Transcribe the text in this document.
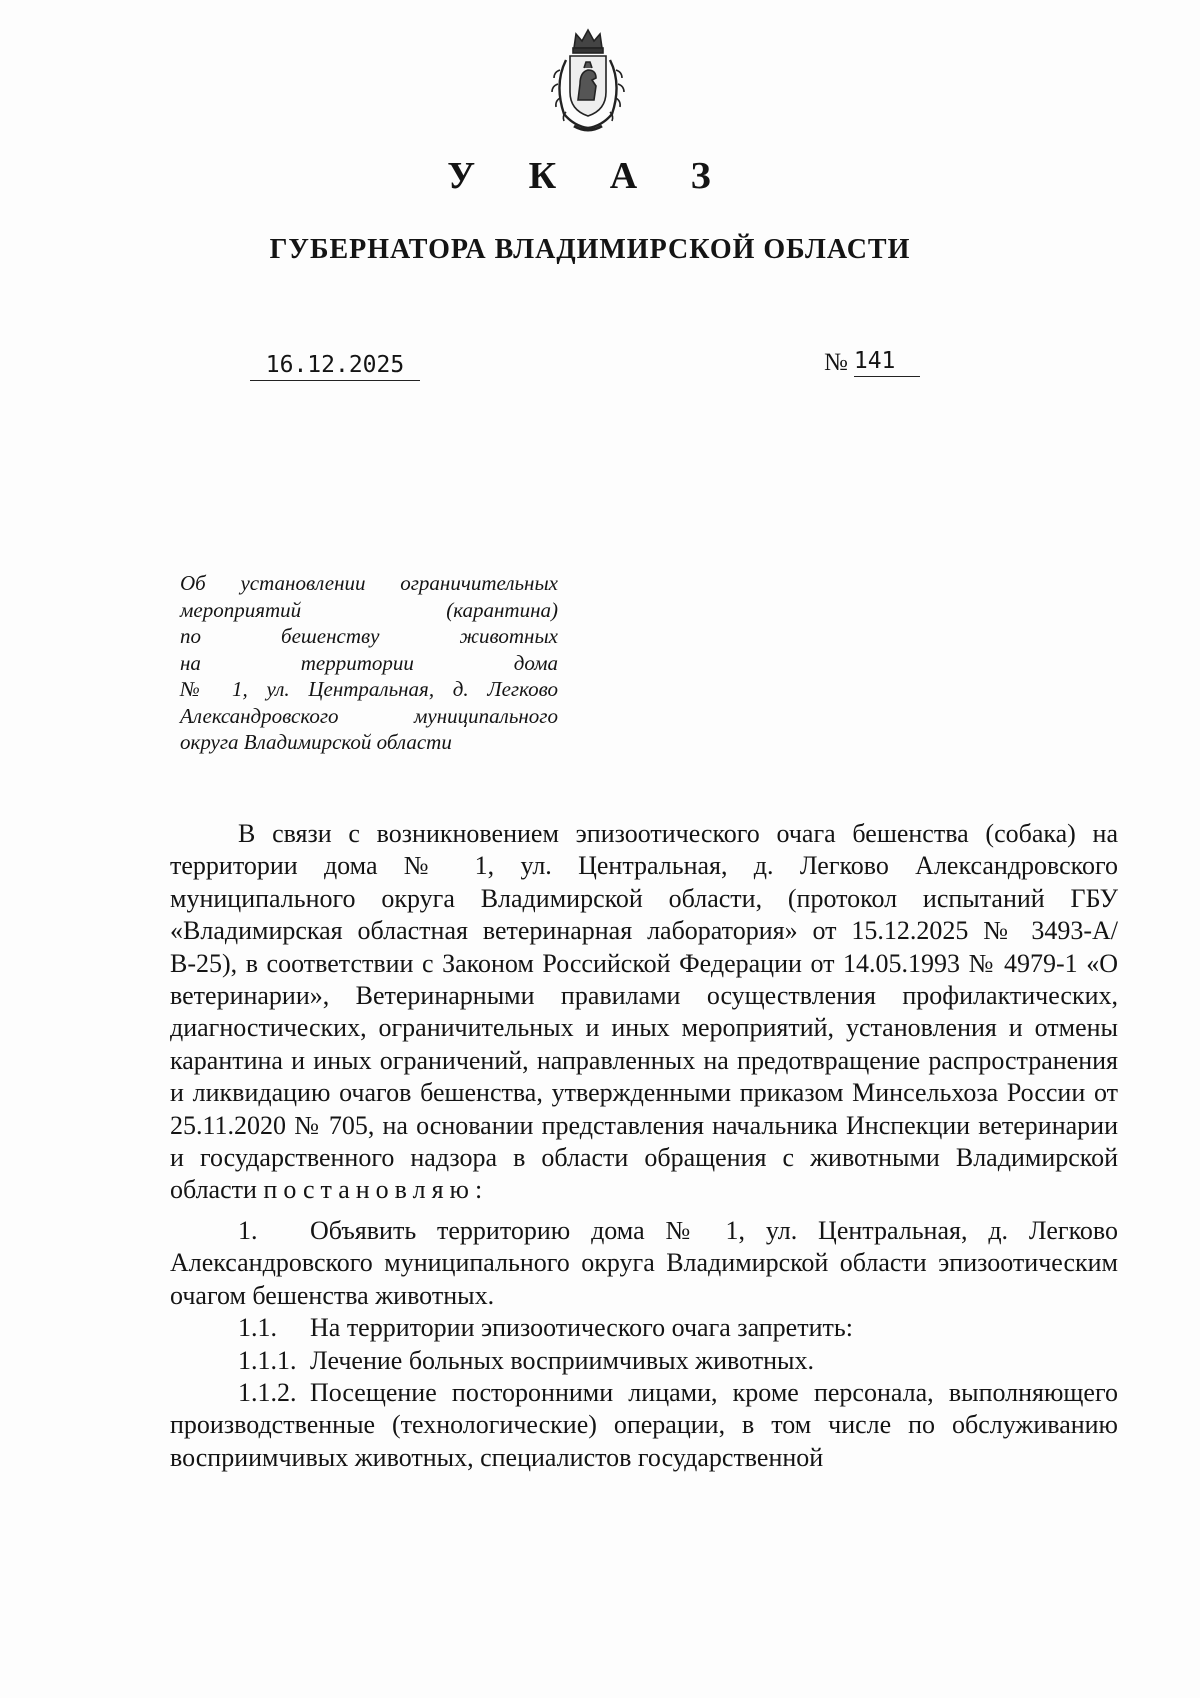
У К А З
ГУБЕРНАТОРА ВЛАДИМИРСКОЙ ОБЛАСТИ
16.12.2025	№ 141
Об установлении ограничительных
мероприятий (карантина)
по бешенству животных
на территории дома
№ 1, ул. Центральная, д. Легково
Александровского муниципального
округа Владимирской области

В связи с возникновением эпизоотического очага бешенства (собака) на территории дома № 1, ул. Центральная, д. Легково Александровского муниципального округа Владимирской области, (протокол испытаний ГБУ «Владимирская областная ветеринарная лаборатория» от 15.12.2025 № 3493-А/В-25), в соответствии с Законом Российской Федерации от 14.05.1993 № 4979-1 «О ветеринарии», Ветеринарными правилами осуществления профилактических, диагностических, ограничительных и иных мероприятий, установления и отмены карантина и иных ограничений, направленных на предотвращение распространения и ликвидацию очагов бешенства, утвержденными приказом Минсельхоза России от 25.11.2020 № 705, на основании представления начальника Инспекции ветеринарии и государственного надзора в области обращения с животными Владимирской области постановляю:

1. Объявить территорию дома № 1, ул. Центральная, д. Легково Александровского муниципального округа Владимирской области эпизоотическим очагом бешенства животных.

1.1. На территории эпизоотического очага запретить:

1.1.1. Лечение больных восприимчивых животных.

1.1.2. Посещение посторонними лицами, кроме персонала, выполняющего производственные (технологические) операции, в том числе по обслуживанию восприимчивых животных, специалистов государственной
